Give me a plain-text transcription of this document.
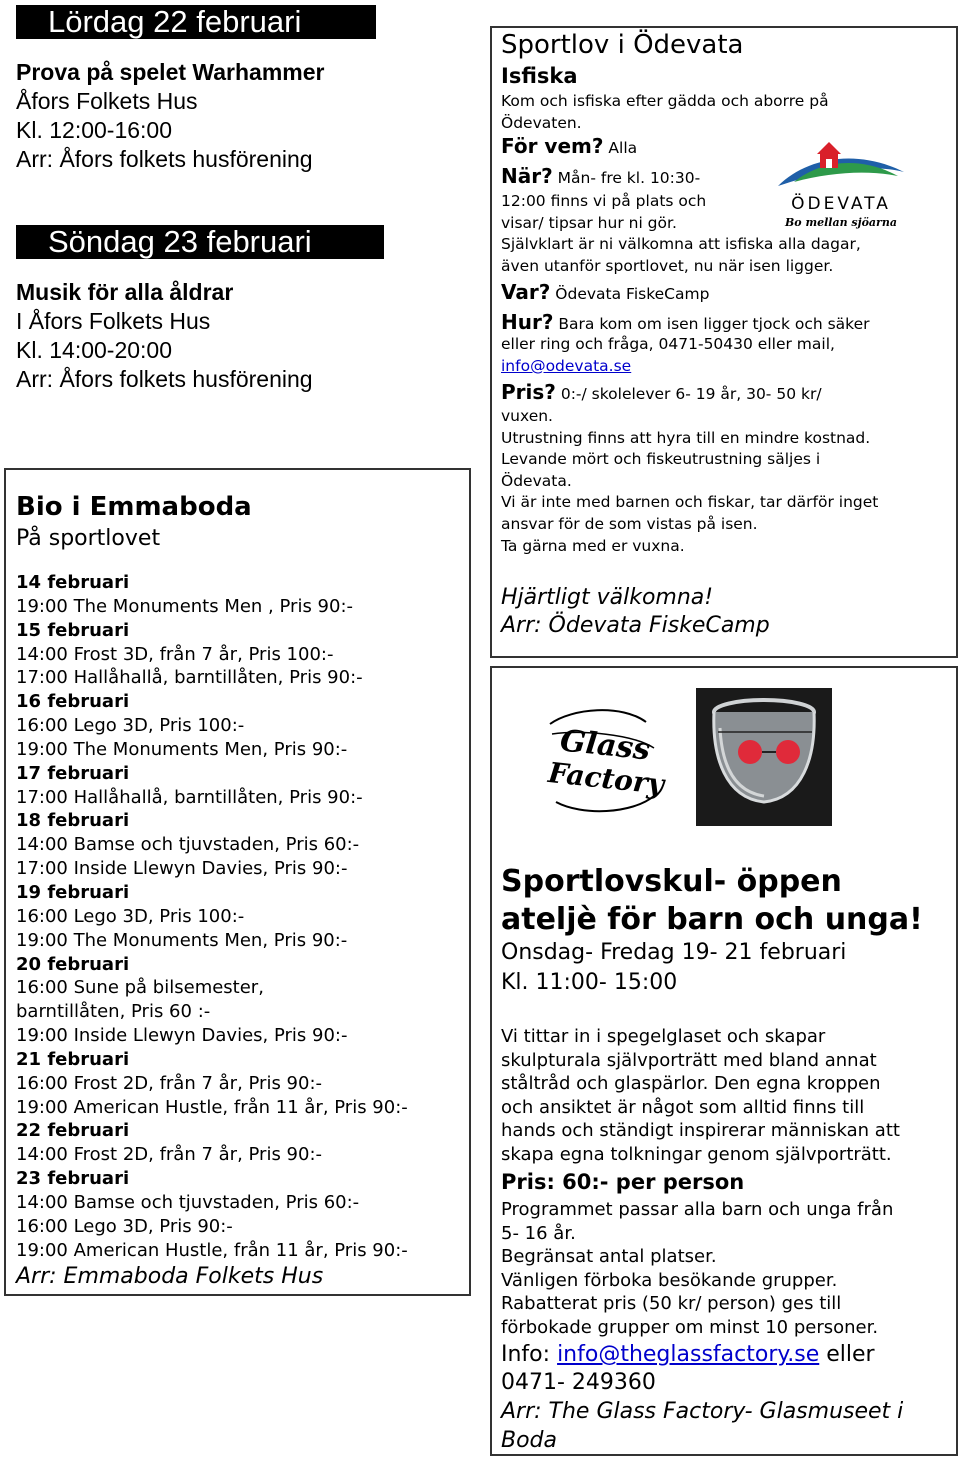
Lördag 22 februari
Prova på spelet Warhammer
Åfors Folkets Hus
Kl. 12:00-16:00
Arr: Åfors folkets husförening
Söndag 23 februari
Musik för alla åldrar
I Åfors Folkets Hus
Kl. 14:00-20:00
Arr: Åfors folkets husförening
Bio i Emmaboda
På sportlovet
14 februari
19:00 The Monuments Men , Pris 90:-
15 februari
14:00 Frost 3D, från 7 år, Pris 100:-
17:00 Hallåhallå, barntillåten, Pris 90:-
16 februari
16:00 Lego 3D, Pris 100:-
19:00 The Monuments Men, Pris 90:-
17 februari
17:00 Hallåhallå, barntillåten, Pris 90:-
18 februari
14:00 Bamse och tjuvstaden, Pris 60:-
17:00 Inside Llewyn Davies, Pris 90:-
19 februari
16:00 Lego 3D, Pris 100:-
19:00 The Monuments Men, Pris 90:-
20 februari
16:00 Sune på bilsemester,
barntillåten, Pris 60 :-
19:00 Inside Llewyn Davies, Pris 90:-
21 februari
16:00 Frost 2D, från 7 år, Pris 90:-
19:00 American Hustle, från 11 år, Pris 90:-
22 februari
14:00 Frost 2D, från 7 år, Pris 90:-
23 februari
14:00 Bamse och tjuvstaden, Pris 60:-
16:00 Lego 3D, Pris 90:-
19:00 American Hustle, från 11 år, Pris 90:-
Arr: Emmaboda Folkets Hus
Sportlov i Ödevata
Isfiska
Kom och isfiska efter gädda och aborre på
Ödevaten.
För vem? Alla
När? Mån- fre kl. 10:30-
12:00 finns vi på plats och
visar/ tipsar hur ni gör.
ÖDEVATA
Bo mellan sjöarna
Självklart är ni välkomna att isfiska alla dagar,
även utanför sportlovet, nu när isen ligger.
Var? Ödevata FiskeCamp
Hur? Bara kom om isen ligger tjock och säker
eller ring och fråga, 0471-50430 eller mail,
info@odevata.se
Pris? 0:-/ skolelever 6- 19 år, 30- 50 kr/
vuxen.
Utrustning finns att hyra till en mindre kostnad.
Levande mört och fiskeutrustning säljes i
Ödevata.
Vi är inte med barnen och fiskar, tar därför inget
ansvar för de som vistas på isen.
Ta gärna med er vuxna.
Hjärtligt välkomna!
Arr: Ödevata FiskeCamp
Glass
Factory
Sportlovskul- öppen
ateljè för barn och unga!
Onsdag- Fredag 19- 21 februari
Kl. 11:00- 15:00
Vi tittar in i spegelglaset och skapar
skulpturala självporträtt med bland annat
ståltråd och glaspärlor. Den egna kroppen
och ansiktet är något som alltid finns till
hands och ständigt inspirerar människan att
skapa egna tolkningar genom självporträtt.
Pris: 60:- per person
Programmet passar alla barn och unga från
5- 16 år.
Begränsat antal platser.
Vänligen förboka besökande grupper.
Rabatterat pris (50 kr/ person) ges till
förbokade grupper om minst 10 personer.
Info: info@theglassfactory.se eller
0471- 249360
Arr: The Glass Factory- Glasmuseet i
Boda
